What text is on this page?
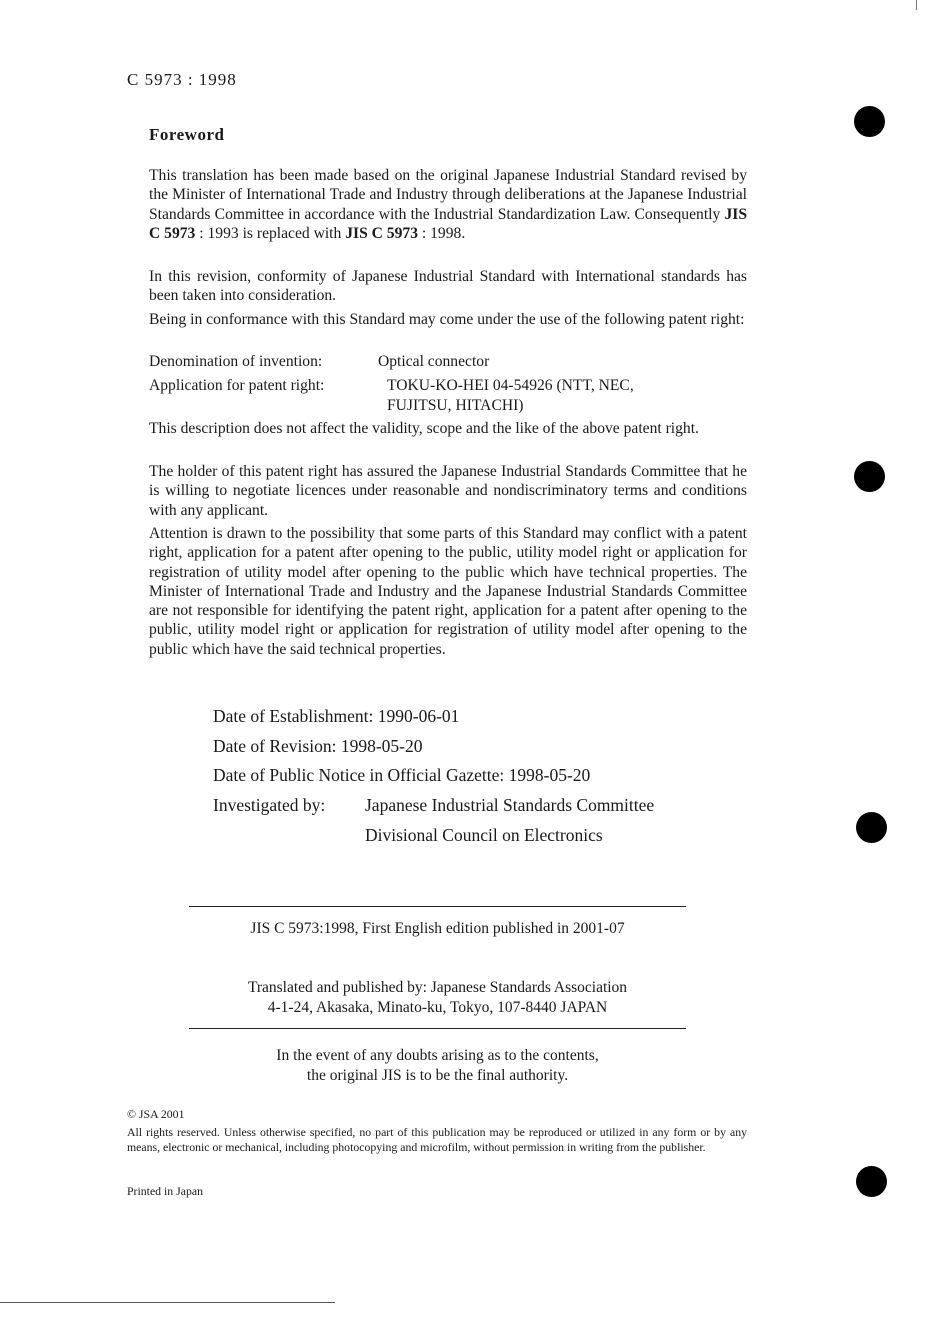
C 5973 : 1998
Foreword
This translation has been made based on the original Japanese Industrial Standard revised by the Minister of International Trade and Industry through deliberations at the Japanese Industrial Standards Committee in accordance with the Industrial Standardization Law. Consequently JIS C 5973 : 1993 is replaced with JIS C 5973 : 1998.
In this revision, conformity of Japanese Industrial Standard with International standards has been taken into consideration.
Being in conformance with this Standard may come under the use of the following patent right:
Denomination of invention:	Optical connector
Application for patent right:	TOKU-KO-HEI 04-54926 (NTT, NEC,
FUJITSU, HITACHI)
This description does not affect the validity, scope and the like of the above patent right.
The holder of this patent right has assured the Japanese Industrial Standards Committee that he is willing to negotiate licences under reasonable and nondiscriminatory terms and conditions with any applicant.
Attention is drawn to the possibility that some parts of this Standard may conflict with a patent right, application for a patent after opening to the public, utility model right or application for registration of utility model after opening to the public which have technical properties. The Minister of International Trade and Industry and the Japanese Industrial Standards Committee are not responsible for identifying the patent right, application for a patent after opening to the public, utility model right or application for registration of utility model after opening to the public which have the said technical properties.
Date of Establishment: 1990-06-01
Date of Revision: 1998-05-20
Date of Public Notice in Official Gazette: 1998-05-20
Investigated by: Japanese Industrial Standards Committee
Divisional Council on Electronics
JIS C 5973:1998, First English edition published in 2001-07
Translated and published by: Japanese Standards Association
4-1-24, Akasaka, Minato-ku, Tokyo, 107-8440 JAPAN
In the event of any doubts arising as to the contents,
the original JIS is to be the final authority.
© JSA 2001
All rights reserved. Unless otherwise specified, no part of this publication may be reproduced or utilized in any form or by any means, electronic or mechanical, including photocopying and microfilm, without permission in writing from the publisher.
Printed in Japan
